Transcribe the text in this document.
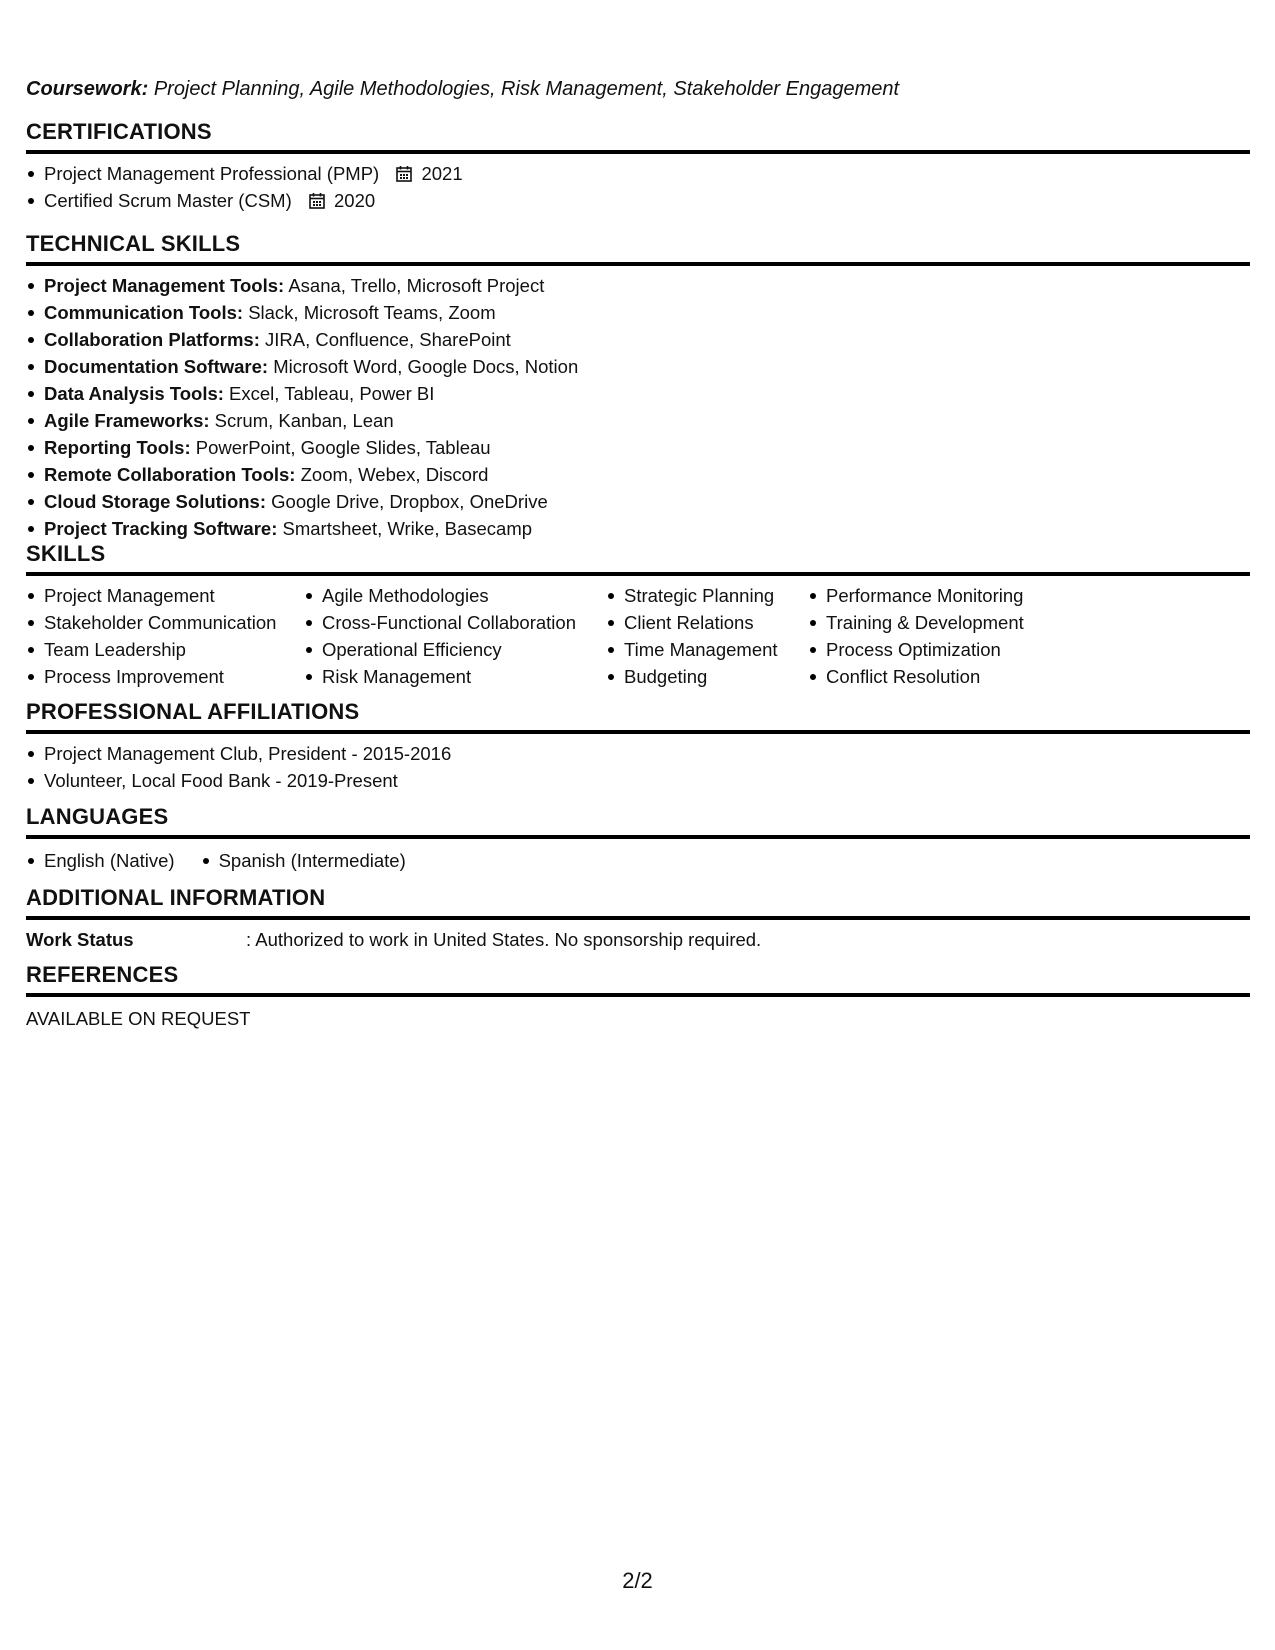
Coursework: Project Planning, Agile Methodologies, Risk Management, Stakeholder Engagement
CERTIFICATIONS
Project Management Professional (PMP) 2021
Certified Scrum Master (CSM) 2020
TECHNICAL SKILLS
Project Management Tools: Asana, Trello, Microsoft Project
Communication Tools: Slack, Microsoft Teams, Zoom
Collaboration Platforms: JIRA, Confluence, SharePoint
Documentation Software: Microsoft Word, Google Docs, Notion
Data Analysis Tools: Excel, Tableau, Power BI
Agile Frameworks: Scrum, Kanban, Lean
Reporting Tools: PowerPoint, Google Slides, Tableau
Remote Collaboration Tools: Zoom, Webex, Discord
Cloud Storage Solutions: Google Drive, Dropbox, OneDrive
Project Tracking Software: Smartsheet, Wrike, Basecamp
SKILLS
Project Management
Stakeholder Communication
Team Leadership
Process Improvement
Agile Methodologies
Cross-Functional Collaboration
Operational Efficiency
Risk Management
Strategic Planning
Client Relations
Time Management
Budgeting
Performance Monitoring
Training & Development
Process Optimization
Conflict Resolution
PROFESSIONAL AFFILIATIONS
Project Management Club, President - 2015-2016
Volunteer, Local Food Bank - 2019-Present
LANGUAGES
English (Native)	Spanish (Intermediate)
ADDITIONAL INFORMATION
Work Status	: Authorized to work in United States. No sponsorship required.
REFERENCES
AVAILABLE ON REQUEST
2/2
